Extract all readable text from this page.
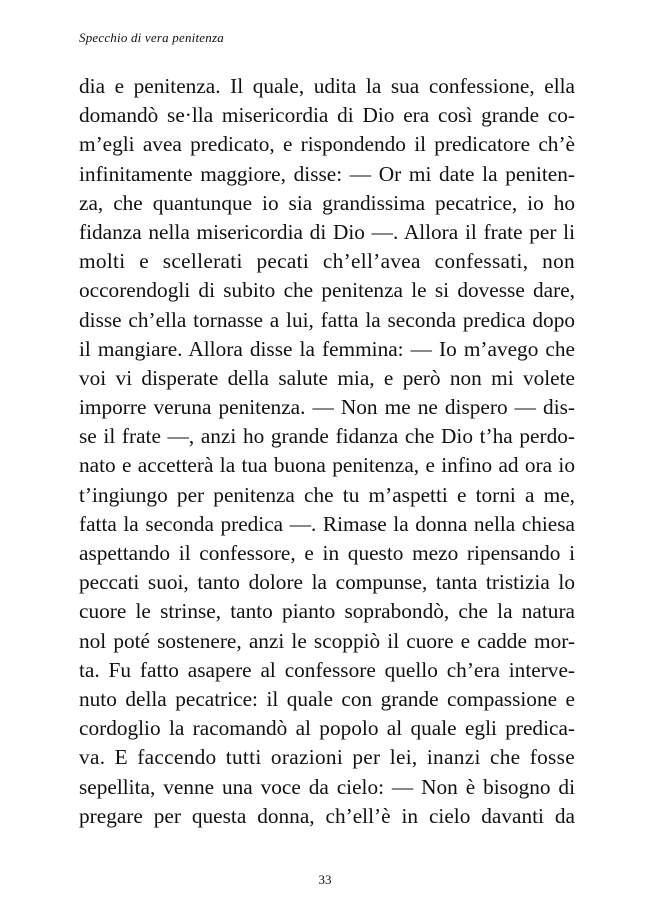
Specchio di vera penitenza
dia e penitenza. Il quale, udita la sua confessione, ella
domandò se·lla misericordia di Dio era così grande co-
m’egli avea predicato, e rispondendo il predicatore ch’è
infinitamente maggiore, disse: — Or mi date la peniten-
za, che quantunque io sia grandissima pecatrice, io ho
fidanza nella misericordia di Dio —. Allora il frate per li
molti e scellerati pecati ch’ell’avea confessati, non
occorendogli di subito che penitenza le si dovesse dare,
disse ch’ella tornasse a lui, fatta la seconda predica dopo
il mangiare. Allora disse la femmina: — Io m’avego che
voi vi disperate della salute mia, e però non mi volete
imporre veruna penitenza. — Non me ne dispero — dis-
se il frate —, anzi ho grande fidanza che Dio t’ha perdo-
nato e accetterà la tua buona penitenza, e infino ad ora io
t’ingiungo per penitenza che tu m’aspetti e torni a me,
fatta la seconda predica —. Rimase la donna nella chiesa
aspettando il confessore, e in questo mezo ripensando i
peccati suoi, tanto dolore la compunse, tanta tristizia lo
cuore le strinse, tanto pianto soprabondò, che la natura
nol poté sostenere, anzi le scoppiò il cuore e cadde mor-
ta. Fu fatto asapere al confessore quello ch’era interve-
nuto della pecatrice: il quale con grande compassione e
cordoglio la racomandò al popolo al quale egli predica-
va. E faccendo tutti orazioni per lei, inanzi che fosse
sepellita, venne una voce da cielo: — Non è bisogno di
pregare per questa donna, ch’ell’è in cielo davanti da
33
